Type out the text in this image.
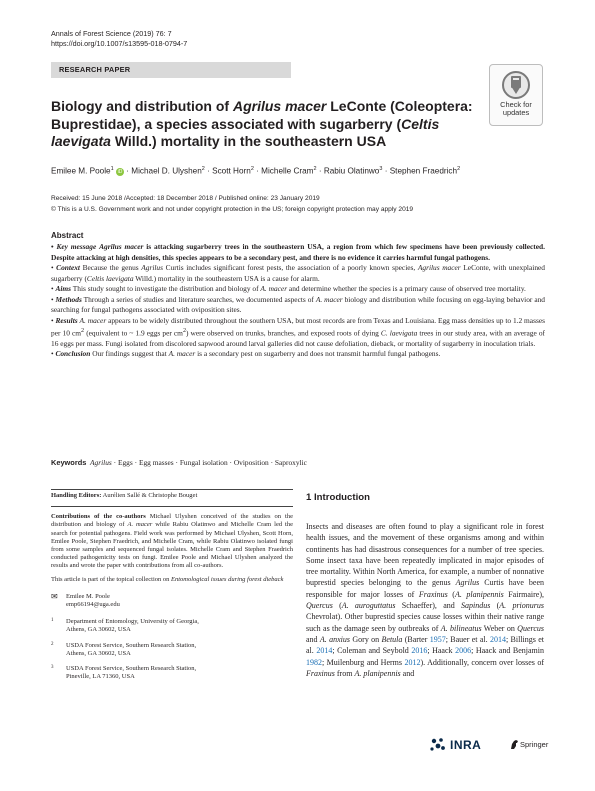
Annals of Forest Science (2019) 76: 7
https://doi.org/10.1007/s13595-018-0794-7
RESEARCH PAPER
Check for
updates
Biology and distribution of Agrilus macer LeConte (Coleoptera: Buprestidae), a species associated with sugarberry (Celtis laevigata Willd.) mortality in the southeastern USA
Emilee M. Poole$^1$ iD · Michael D. Ulyshen$^2$ · Scott Horn$^2$ · Michelle Cram$^2$ · Rabiu Olatinwo$^3$ · Stephen Fraedrich$^2$
Received: 15 June 2018 /Accepted: 18 December 2018 / Published online: 23 January 2019
© This is a U.S. Government work and not under copyright protection in the US; foreign copyright protection may apply 2019
Abstract

• Key message Agrilus macer is attacking sugarberry trees in the southeastern USA, a region from which few specimens have been previously collected. Despite attacking at high densities, this species appears to be a secondary pest, and there is no evidence it carries harmful fungal pathogens.

• Context Because the genus Agrilus Curtis includes significant forest pests, the association of a poorly known species, Agrilus macer LeConte, with unexplained sugarberry (Celtis laevigata Willd.) mortality in the southeastern USA is a cause for alarm.

• Aims This study sought to investigate the distribution and biology of A. macer and determine whether the species is a primary cause of observed tree mortality.

• Methods Through a series of studies and literature searches, we documented aspects of A. macer biology and distribution while focusing on egg-laying behavior and searching for fungal pathogens associated with oviposition sites.

• Results A. macer appears to be widely distributed throughout the southern USA, but most records are from Texas and Louisiana. Egg mass densities up to 1.2 masses per 10 $cm^2$ (equivalent to ~ 1.9 eggs per $cm^2$) were observed on trunks, branches, and exposed roots of dying C. laevigata trees in our study area, with an average of 16 eggs per mass. Fungi isolated from discolored sapwood around larval galleries did not cause defoliation, dieback, or mortality of sugarberry in inoculation trials.

• Conclusion Our findings suggest that A. macer is a secondary pest on sugarberry and does not transmit harmful fungal pathogens.

Keywords Agrilus · Eggs · Egg masses · Fungal isolation · Oviposition · Saproxylic
Handling Editors: Aurélien Sallé & Christophe Bouget
Contributions of the co-authors Michael Ulyshen conceived of the studies on the distribution and biology of A. macer while Rabiu Olatinwo and Michelle Cram led the search for potential pathogens. Field work was performed by Michael Ulyshen, Scott Horn, Emilee Poole, Stephen Fraedrich, and Michelle Cram, while Rabiu Olatinwo isolated fungi from some samples and sequenced fungal isolates. Michelle Cram and Stephen Fraedrich conducted pathogenicity tests on fungi. Emilee Poole and Michael Ulyshen analyzed the results and wrote the paper with contributions from all co-authors.
This article is part of the topical collection on Entomological issues during forest dieback
✉ Emilee M. Poole
emp66194@uga.edu
1 Department of Entomology, University of Georgia,
Athens, GA 30602, USA
2 USDA Forest Service, Southern Research Station,
Athens, GA 30602, USA
3 USDA Forest Service, Southern Research Station,
Pineville, LA 71360, USA
1 Introduction
Insects and diseases are often found to play a significant role in forest health issues, and the movement of these organisms among and within continents has had disastrous consequences for a number of tree species. Some insect taxa have been repeatedly implicated in major episodes of tree mortality. Within North America, for example, a number of nonnative buprestid species belonging to the genus Agrilus Curtis have been responsible for major losses of Fraxinus (A. planipennis Fairmaire), Quercus (A. auroguttatus Schaeffer), and Sapindus (A. prionurus Chevrolat). Other buprestid species cause losses within their native range such as the damage seen by outbreaks of A. bilineatus Weber on Quercus and A. anxius Gory on Betula (Barter 1957; Bauer et al. 2014; Billings et al. 2014; Coleman and Seybold 2016; Haack 2006; Haack and Benjamin 1982; Muilenburg and Herms 2012). Additionally, concern over losses of Fraxinus from A. planipennis and
INRA	Springer
